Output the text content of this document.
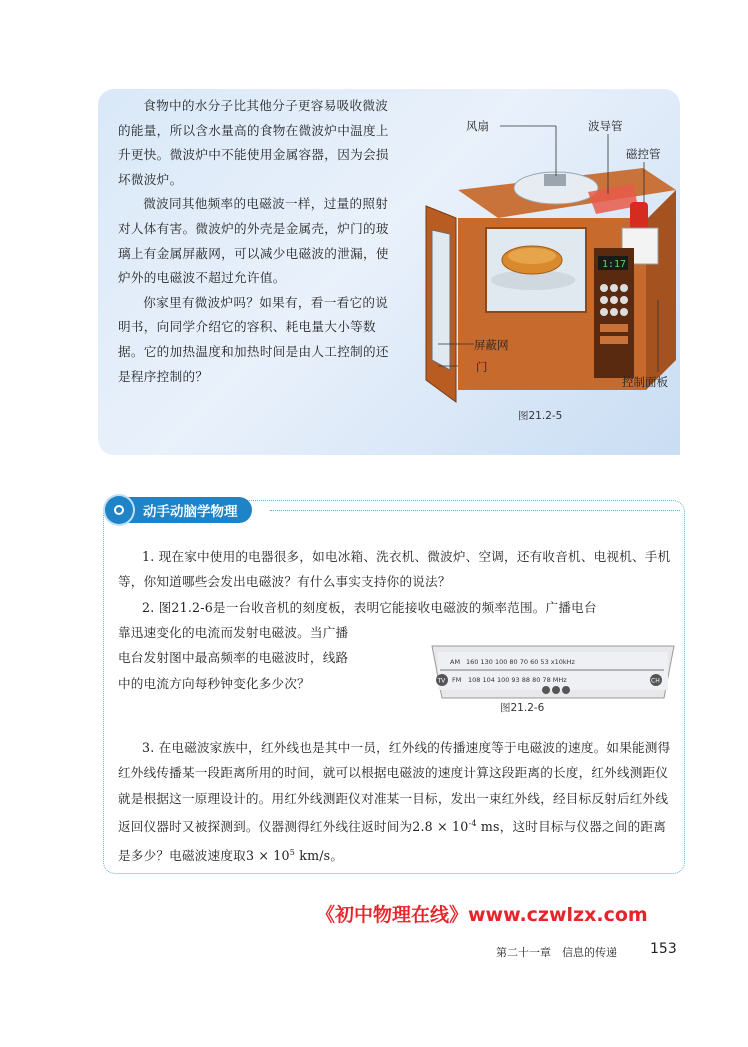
食物中的水分子比其他分子更容易吸收微波的能量，所以含水量高的食物在微波炉中温度上升更快。微波炉中不能使用金属容器，因为会损坏微波炉。

微波同其他频率的电磁波一样，过量的照射对人体有害。微波炉的外壳是金属壳，炉门的玻璃上有金属屏蔽网，可以减少电磁波的泄漏，使炉外的电磁波不超过允许值。

你家里有微波炉吗？如果有，看一看它的说明书，向同学介绍它的容积、耗电量大小等数据。它的加热温度和加热时间是由人工控制的还是程序控制的？

1:17
风扇	波导管
磁控管
屏蔽网
门
控制面板
图21.2-5
动手动脑学物理
1. 现在家中使用的电器很多，如电冰箱、洗衣机、微波炉、空调，还有收音机、电视机、手机等，你知道哪些会发出电磁波？有什么事实支持你的说法？
2. 图21.2-6是一台收音机的刻度板，表明它能接收电磁波的频率范围。广播电台
靠迅速变化的电流而发射电磁波。当广播电台发射图中最高频率的电磁波时，线路中的电流方向每秒钟变化多少次？
AM 160 130 100 80 70 60 53 x10kHz
TV FM 108 104 100 93 88 80 78 MHz	CH
图21.2-6
3. 在电磁波家族中，红外线也是其中一员，红外线的传播速度等于电磁波的速度。如果能测得红外线传播某一段距离所用的时间，就可以根据电磁波的速度计算这段距离的长度，红外线测距仪就是根据这一原理设计的。用红外线测距仪对准某一目标，发出一束红外线，经目标反射后红外线返回仪器时又被探测到。仪器测得红外线往返时间为$2.8 \times 10^{-4}$ ms，这时目标与仪器之间的距离是多少？电磁波速度取$3 \times 10^5$ km/s。
《初中物理在线》www.czwlzx.com
第二十一章　信息的传递 153
